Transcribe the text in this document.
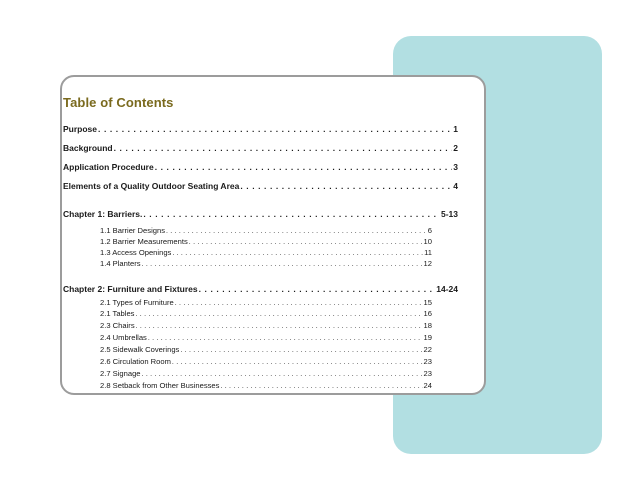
Table of Contents
Purpose . . .	1
Background . . .	2
Application Procedure . . .	3
Elements of a Quality Outdoor Seating Area . . .	4
Chapter 1: Barriers. . . .	5-13
1.1 Barrier Designs . . .	6
1.2 Barrier Measurements . . .	10
1.3 Access Openings . . .	11
1.4 Planters . . .	12
Chapter 2: Furniture and Fixtures . . .	14-24
2.1 Types of Furniture . . .	15
2.1 Tables . . .	16
2.3 Chairs . . .	18
2.4 Umbrellas . . .	19
2.5 Sidewalk Coverings . . .	22
2.6 Circulation Room . . .	23
2.7 Signage . . .	23
2.8 Setback from Other Businesses . . .	24
